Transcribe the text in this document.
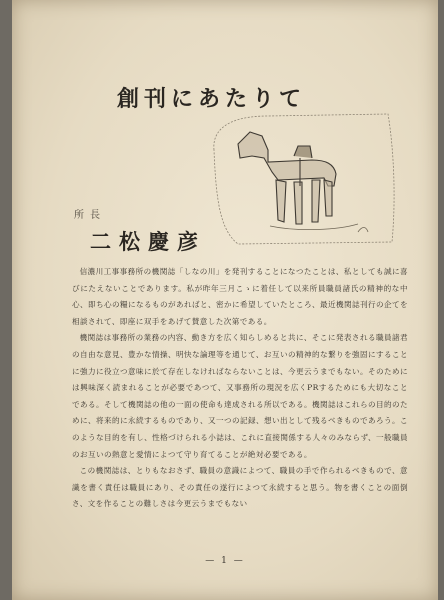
創刊にあたりて
所長
二松慶彦

信濃川工事事務所の機関誌「しなの川」を発刊することになつたことは、私としても誠に喜びにたえないことであります。私が昨年三月こゝに着任して以来所員職員諸氏の精神的な中心、即ち心の糧になるものがあればと、密かに希望していたところ、最近機関誌刊行の企てを相談されて、即座に双手をあげて賛意した次第である。

機関誌は事務所の業務の内容、動き方を広く知らしめると共に、そこに発表される職員諸君の自由な意見、豊かな情操、明快な論理等を通じて、お互いの精神的な繋りを強固にすることに強力に役立つ意味に於て存在しなければならないことは、今更云うまでもない。そのためには興味深く読まれることが必要であつて、又事務所の現況を広くPRするためにも大切なことである。そして機関誌の他の一面の使命も達成される所以である。機関誌はこれらの目的のために、将来的に永続するものであり、又一つの記録、想い出として残るべきものであろう。このような目的を有し、性格づけられる小誌は、これに直接関係する人々のみならず、一般職員のお互いの熱意と愛情によつて守り育てることが絶対必要である。

この機関誌は、とりもなおさず、職員の意識によつて、職員の手で作られるべきもので、意識を書く責任は職員にあり、その責任の遂行によつて永続すると思う。物を書くことの面倒さ、文を作ることの難しさは今更云うまでもない

— 1 —
